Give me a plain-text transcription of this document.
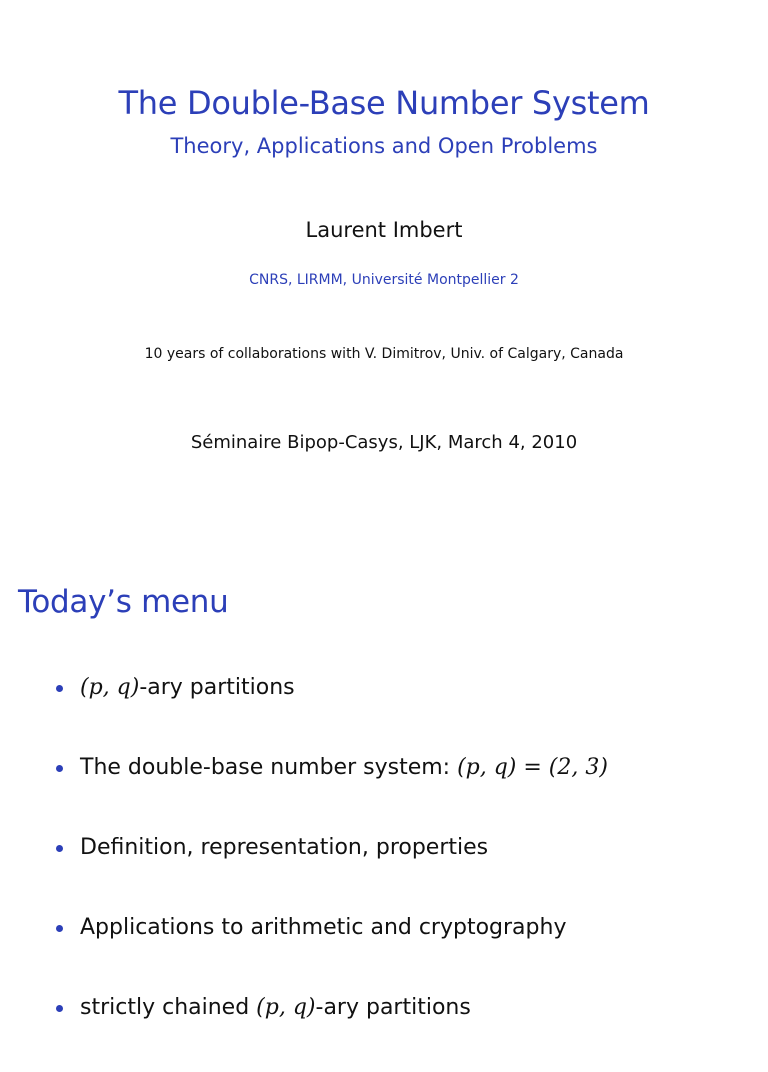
The Double-Base Number System
Theory, Applications and Open Problems
Laurent Imbert
CNRS, LIRMM, Université Montpellier 2
10 years of collaborations with V. Dimitrov, Univ. of Calgary, Canada
Séminaire Bipop-Casys, LJK, March 4, 2010
Today’s menu
(p, q)-ary partitions
The double-base number system: (p, q) = (2, 3)
Definition, representation, properties
Applications to arithmetic and cryptography
strictly chained (p, q)-ary partitions
